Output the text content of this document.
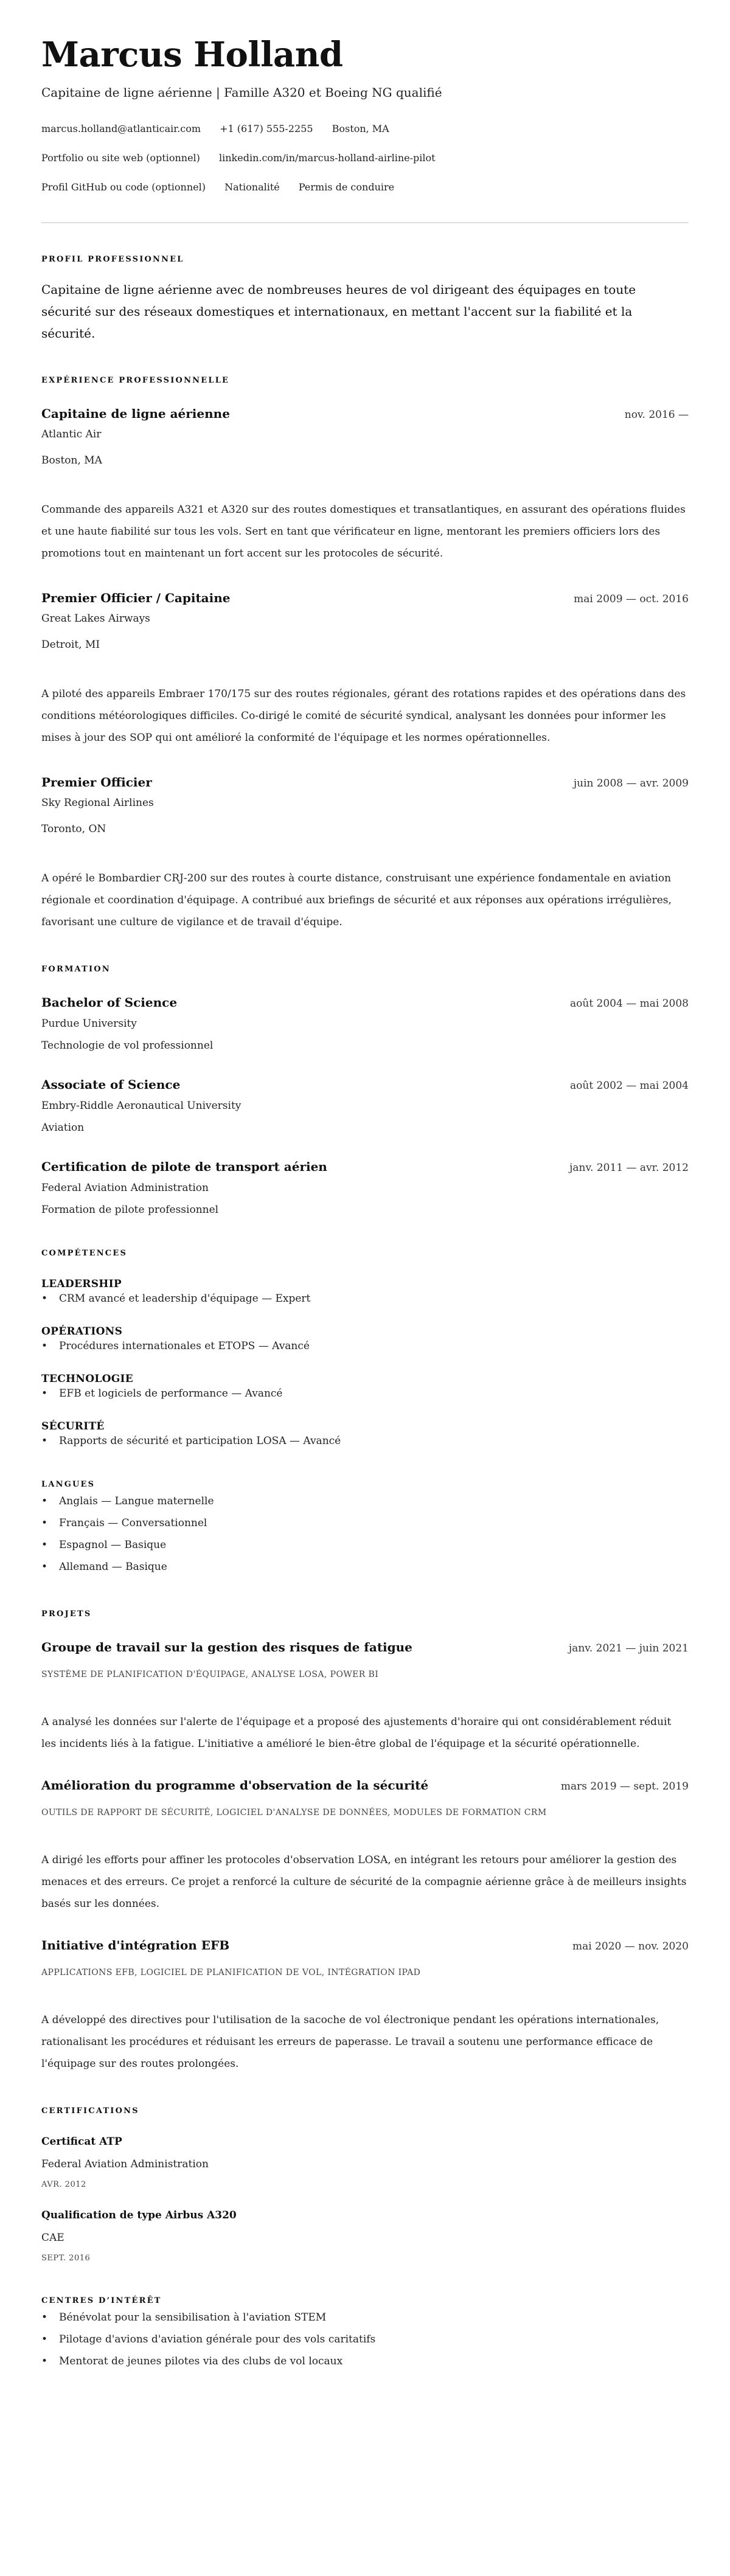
Marcus Holland
Capitaine de ligne aérienne | Famille A320 et Boeing NG qualifié
marcus.holland@atlanticair.com +1 (617) 555-2255 Boston, MA
Portfolio ou site web (optionnel) linkedin.com/in/marcus-holland-airline-pilot
Profil GitHub ou code (optionnel) Nationalité Permis de conduire
PROFIL PROFESSIONNEL
Capitaine de ligne aérienne avec de nombreuses heures de vol dirigeant des équipages en toute sécurité sur des réseaux domestiques et internationaux, en mettant l'accent sur la fiabilité et la sécurité.
EXPÉRIENCE PROFESSIONNELLE
Capitaine de ligne aérienne	nov. 2016 —
Atlantic Air
Boston, MA
Commande des appareils A321 et A320 sur des routes domestiques et transatlantiques, en assurant des opérations fluides et une haute fiabilité sur tous les vols. Sert en tant que vérificateur en ligne, mentorant les premiers officiers lors des promotions tout en maintenant un fort accent sur les protocoles de sécurité.
Premier Officier / Capitaine	mai 2009 — oct. 2016
Great Lakes Airways
Detroit, MI
A piloté des appareils Embraer 170/175 sur des routes régionales, gérant des rotations rapides et des opérations dans des conditions météorologiques difficiles. Co-dirigé le comité de sécurité syndical, analysant les données pour informer les mises à jour des SOP qui ont amélioré la conformité de l'équipage et les normes opérationnelles.
Premier Officier	juin 2008 — avr. 2009
Sky Regional Airlines
Toronto, ON
A opéré le Bombardier CRJ-200 sur des routes à courte distance, construisant une expérience fondamentale en aviation régionale et coordination d'équipage. A contribué aux briefings de sécurité et aux réponses aux opérations irrégulières, favorisant une culture de vigilance et de travail d'équipe.
FORMATION
Bachelor of Science	août 2004 — mai 2008
Purdue University
Technologie de vol professionnel
Associate of Science	août 2002 — mai 2004
Embry-Riddle Aeronautical University
Aviation
Certification de pilote de transport aérien	janv. 2011 — avr. 2012
Federal Aviation Administration
Formation de pilote professionnel
COMPÉTENCES
LEADERSHIP
• CRM avancé et leadership d'équipage — Expert
OPÉRATIONS
• Procédures internationales et ETOPS — Avancé
TECHNOLOGIE
• EFB et logiciels de performance — Avancé
SÉCURITÉ
• Rapports de sécurité et participation LOSA — Avancé
LANGUES
• Anglais — Langue maternelle
• Français — Conversationnel
• Espagnol — Basique
• Allemand — Basique
PROJETS
Groupe de travail sur la gestion des risques de fatigue	janv. 2021 — juin 2021
SYSTÈME DE PLANIFICATION D'ÉQUIPAGE, ANALYSE LOSA, POWER BI
A analysé les données sur l'alerte de l'équipage et a proposé des ajustements d'horaire qui ont considérablement réduit les incidents liés à la fatigue. L'initiative a amélioré le bien-être global de l'équipage et la sécurité opérationnelle.
Amélioration du programme d'observation de la sécurité	mars 2019 — sept. 2019
OUTILS DE RAPPORT DE SÉCURITÉ, LOGICIEL D'ANALYSE DE DONNÉES, MODULES DE FORMATION CRM
A dirigé les efforts pour affiner les protocoles d'observation LOSA, en intégrant les retours pour améliorer la gestion des menaces et des erreurs. Ce projet a renforcé la culture de sécurité de la compagnie aérienne grâce à de meilleurs insights basés sur les données.
Initiative d'intégration EFB	mai 2020 — nov. 2020
APPLICATIONS EFB, LOGICIEL DE PLANIFICATION DE VOL, INTÉGRATION IPAD
A développé des directives pour l'utilisation de la sacoche de vol électronique pendant les opérations internationales, rationalisant les procédures et réduisant les erreurs de paperasse. Le travail a soutenu une performance efficace de l'équipage sur des routes prolongées.
CERTIFICATIONS
Certificat ATP
Federal Aviation Administration
AVR. 2012
Qualification de type Airbus A320
CAE
SEPT. 2016
CENTRES D’INTÉRÊT
• Bénévolat pour la sensibilisation à l'aviation STEM
• Pilotage d'avions d'aviation générale pour des vols caritatifs
• Mentorat de jeunes pilotes via des clubs de vol locaux
